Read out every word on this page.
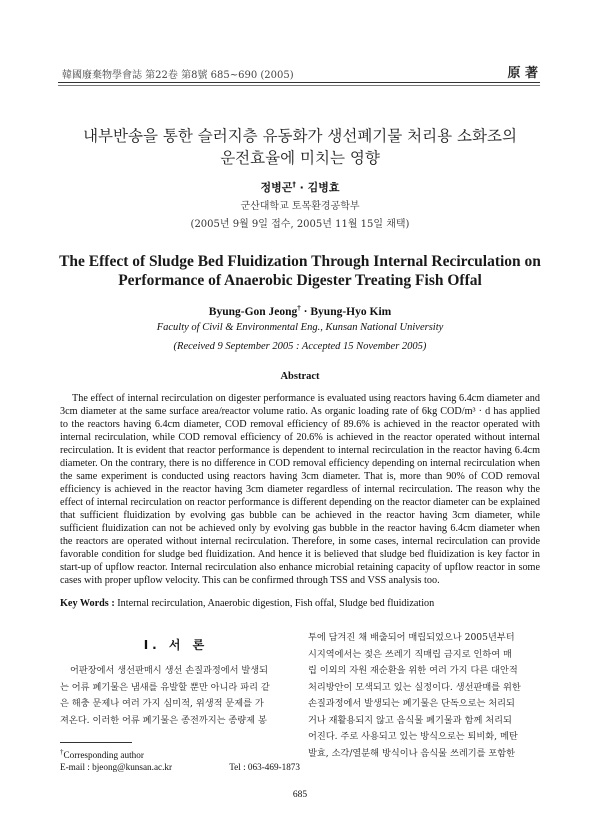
韓國廢棄物學會誌 第22卷 第8號 685~690 (2005)	原 著
내부반송을 통한 슬러지층 유동화가 생선폐기물 처리용 소화조의
운전효율에 미치는 영향
정병곤† · 김병효
군산대학교 토목환경공학부
(2005년 9월 9일 접수, 2005년 11월 15일 채택)
The Effect of Sludge Bed Fluidization Through Internal Recirculation on
Performance of Anaerobic Digester Treating Fish Offal
Byung-Gon Jeong† · Byung-Hyo Kim
Faculty of Civil & Environmental Eng., Kunsan National University
(Received 9 September 2005 : Accepted 15 November 2005)
Abstract
The effect of internal recirculation on digester performance is evaluated using reactors having 6.4cm diameter and 3cm diameter at the same surface area/reactor volume ratio. As organic loading rate of 6kg COD/m³ · d has applied to the reactors having 6.4cm diameter, COD removal efficiency of 89.6% is achieved in the reactor operated with internal recirculation, while COD removal efficiency of 20.6% is achieved in the reactor operated without internal recirculation. It is evident that reactor performance is dependent to internal recirculation in the reactor having 6.4cm diameter. On the contrary, there is no difference in COD removal efficiency depending on internal recirculation when the same experiment is conducted using reactors having 3cm diameter. That is, more than 90% of COD removal efficiency is achieved in the reactor having 3cm diameter regardless of internal recirculation. The reason why the effect of internal recirculation on reactor performance is different depending on the reactor diameter can be explained that sufficient fluidization by evolving gas bubble can be achieved in the reactor having 3cm diameter, while sufficient fluidization can not be achieved only by evolving gas bubble in the reactor having 6.4cm diameter when the reactors are operated without internal recirculation. Therefore, in some cases, internal recirculation can provide favorable condition for sludge bed fluidization. And hence it is believed that sludge bed fluidization is key factor in start-up of upflow reactor. Internal recirculation also enhance microbial retaining capacity of upflow reactor in some cases with proper upflow velocity. This can be confirmed through TSS and VSS analysis too.
Key Words : Internal recirculation, Anaerobic digestion, Fish offal, Sludge bed fluidization
I. 서 론
어판장에서 생선판매시 생선 손질과정에서 발생되
는 어류 폐기물은 냄새를 유발할 뿐만 아니라 파리 같
은 해충 문제나 여러 가지 심미적, 위생적 문제를 가
져온다. 이러한 어류 폐기물은 종전까지는 종량제 봉
투에 담겨진 채 배출되어 매립되었으나 2005년부터
시지역에서는 젖은 쓰레기 직매립 금지로 인하여 매
립 이외의 자원 재순환을 위한 여러 가지 다른 대안적
처리방안이 모색되고 있는 실정이다. 생선판매를 위한
손질과정에서 발생되는 폐기물은 단독으로는 처리되
거나 재활용되지 않고 음식물 폐기물과 함께 처리되
어진다. 주로 사용되고 있는 방식으로는 퇴비화, 메탄
발효, 소각/열분해 방식이나 음식물 쓰레기를 포함한
†Corresponding author
E-mail : bjeong@kunsan.ac.kr	Tel : 063-469-1873
685
